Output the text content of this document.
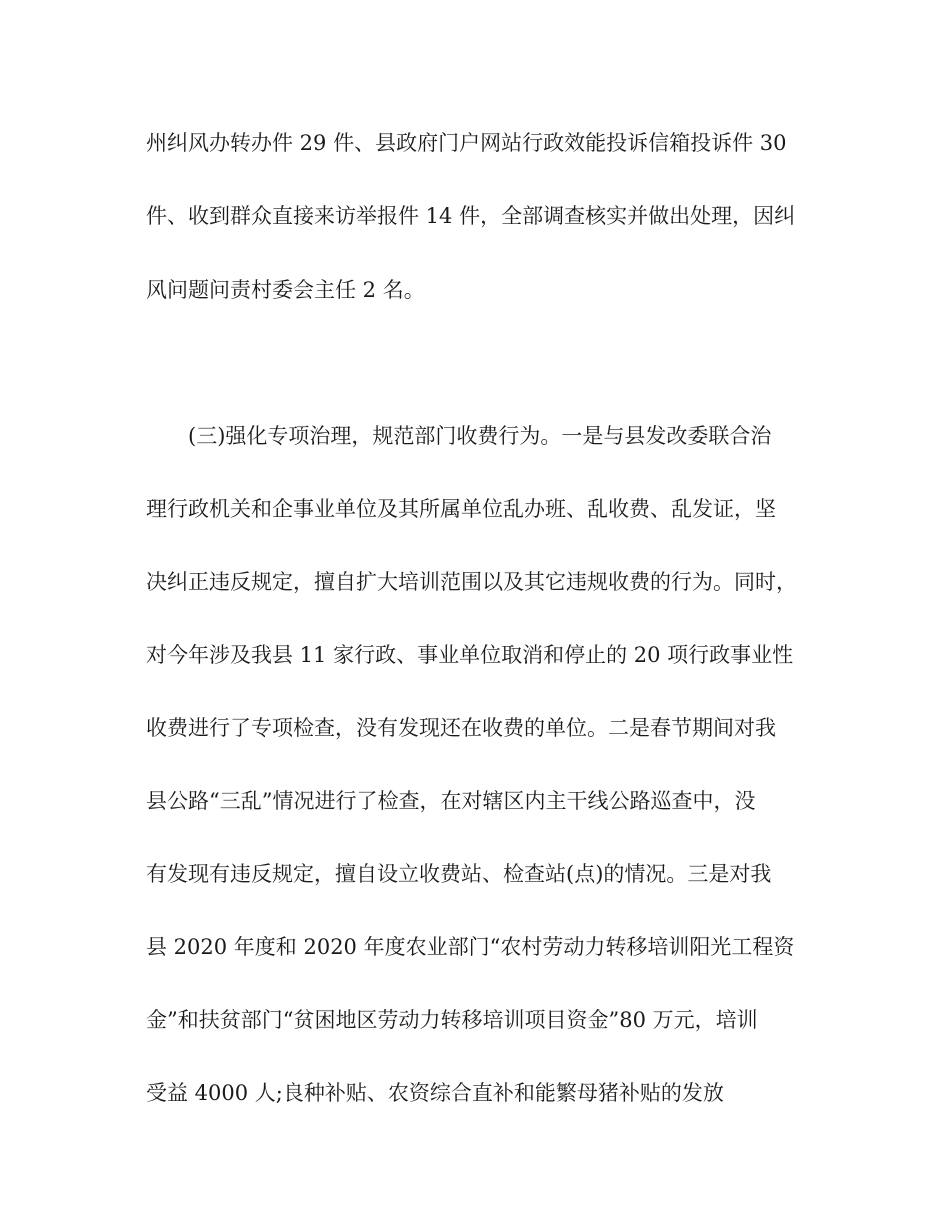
州纠风办转办件 29 件、县政府门户网站行政效能投诉信箱投诉件 30

件、收到群众直接来访举报件 14 件，全部调查核实并做出处理，因纠

风问题问责村委会主任 2 名。

　　(三)强化专项治理，规范部门收费行为。一是与县发改委联合治

理行政机关和企事业单位及其所属单位乱办班、乱收费、乱发证，坚

决纠正违反规定，擅自扩大培训范围以及其它违规收费的行为。同时，

对今年涉及我县 11 家行政、事业单位取消和停止的 20 项行政事业性

收费进行了专项检查，没有发现还在收费的单位。二是春节期间对我

县公路“三乱”情况进行了检查，在对辖区内主干线公路巡查中，没

有发现有违反规定，擅自设立收费站、检查站(点)的情况。三是对我

县 2020 年度和 2020 年度农业部门“农村劳动力转移培训阳光工程资

金”和扶贫部门“贫困地区劳动力转移培训项目资金”80 万元，培训

受益 4000 人;良种补贴、农资综合直补和能繁母猪补贴的发放
